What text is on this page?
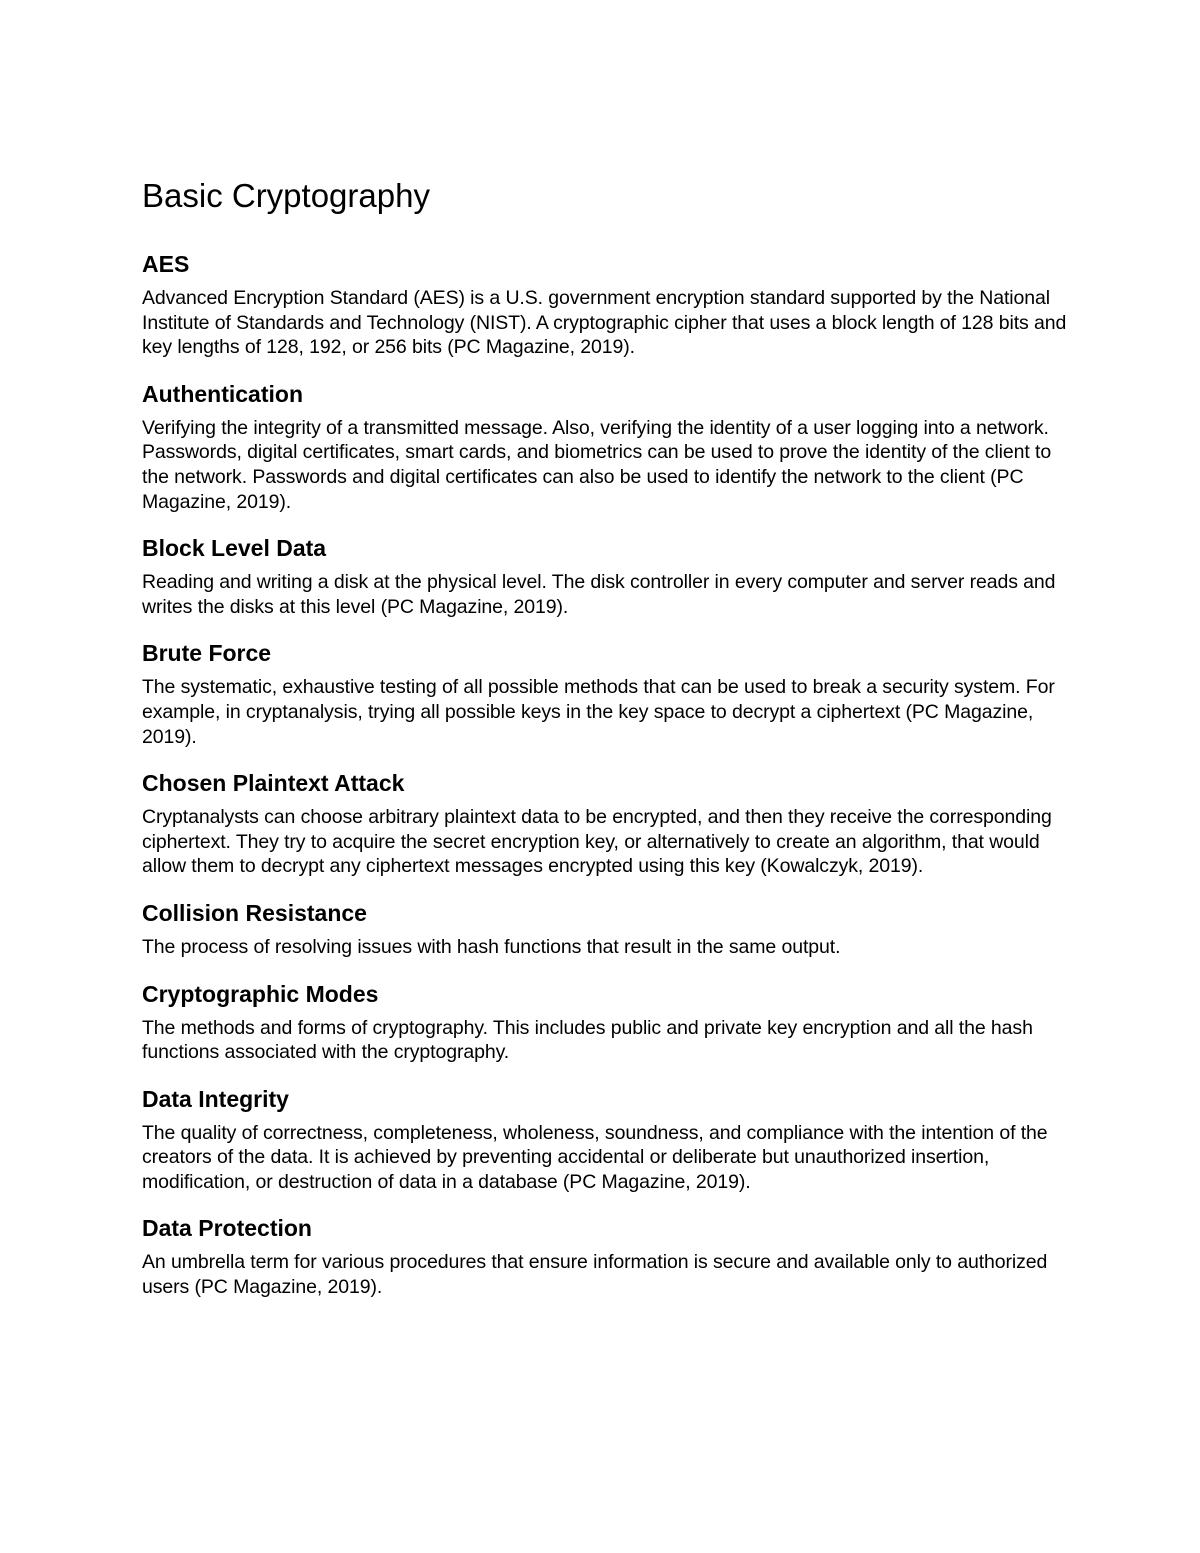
Basic Cryptography
AES

Advanced Encryption Standard (AES) is a U.S. government encryption standard supported by the National Institute of Standards and Technology (NIST). A cryptographic cipher that uses a block length of 128 bits and key lengths of 128, 192, or 256 bits (PC Magazine, 2019).

Authentication

Verifying the integrity of a transmitted message. Also, verifying the identity of a user logging into a network. Passwords, digital certificates, smart cards, and biometrics can be used to prove the identity of the client to the network. Passwords and digital certificates can also be used to identify the network to the client (PC Magazine, 2019).

Block Level Data

Reading and writing a disk at the physical level. The disk controller in every computer and server reads and writes the disks at this level (PC Magazine, 2019).

Brute Force

The systematic, exhaustive testing of all possible methods that can be used to break a security system. For example, in cryptanalysis, trying all possible keys in the key space to decrypt a ciphertext (PC Magazine, 2019).

Chosen Plaintext Attack

Cryptanalysts can choose arbitrary plaintext data to be encrypted, and then they receive the corresponding ciphertext. They try to acquire the secret encryption key, or alternatively to create an algorithm, that would allow them to decrypt any ciphertext messages encrypted using this key (Kowalczyk, 2019).

Collision Resistance

The process of resolving issues with hash functions that result in the same output.

Cryptographic Modes

The methods and forms of cryptography. This includes public and private key encryption and all the hash functions associated with the cryptography.

Data Integrity

The quality of correctness, completeness, wholeness, soundness, and compliance with the intention of the creators of the data. It is achieved by preventing accidental or deliberate but unauthorized insertion, modification, or destruction of data in a database (PC Magazine, 2019).

Data Protection

An umbrella term for various procedures that ensure information is secure and available only to authorized users (PC Magazine, 2019).
